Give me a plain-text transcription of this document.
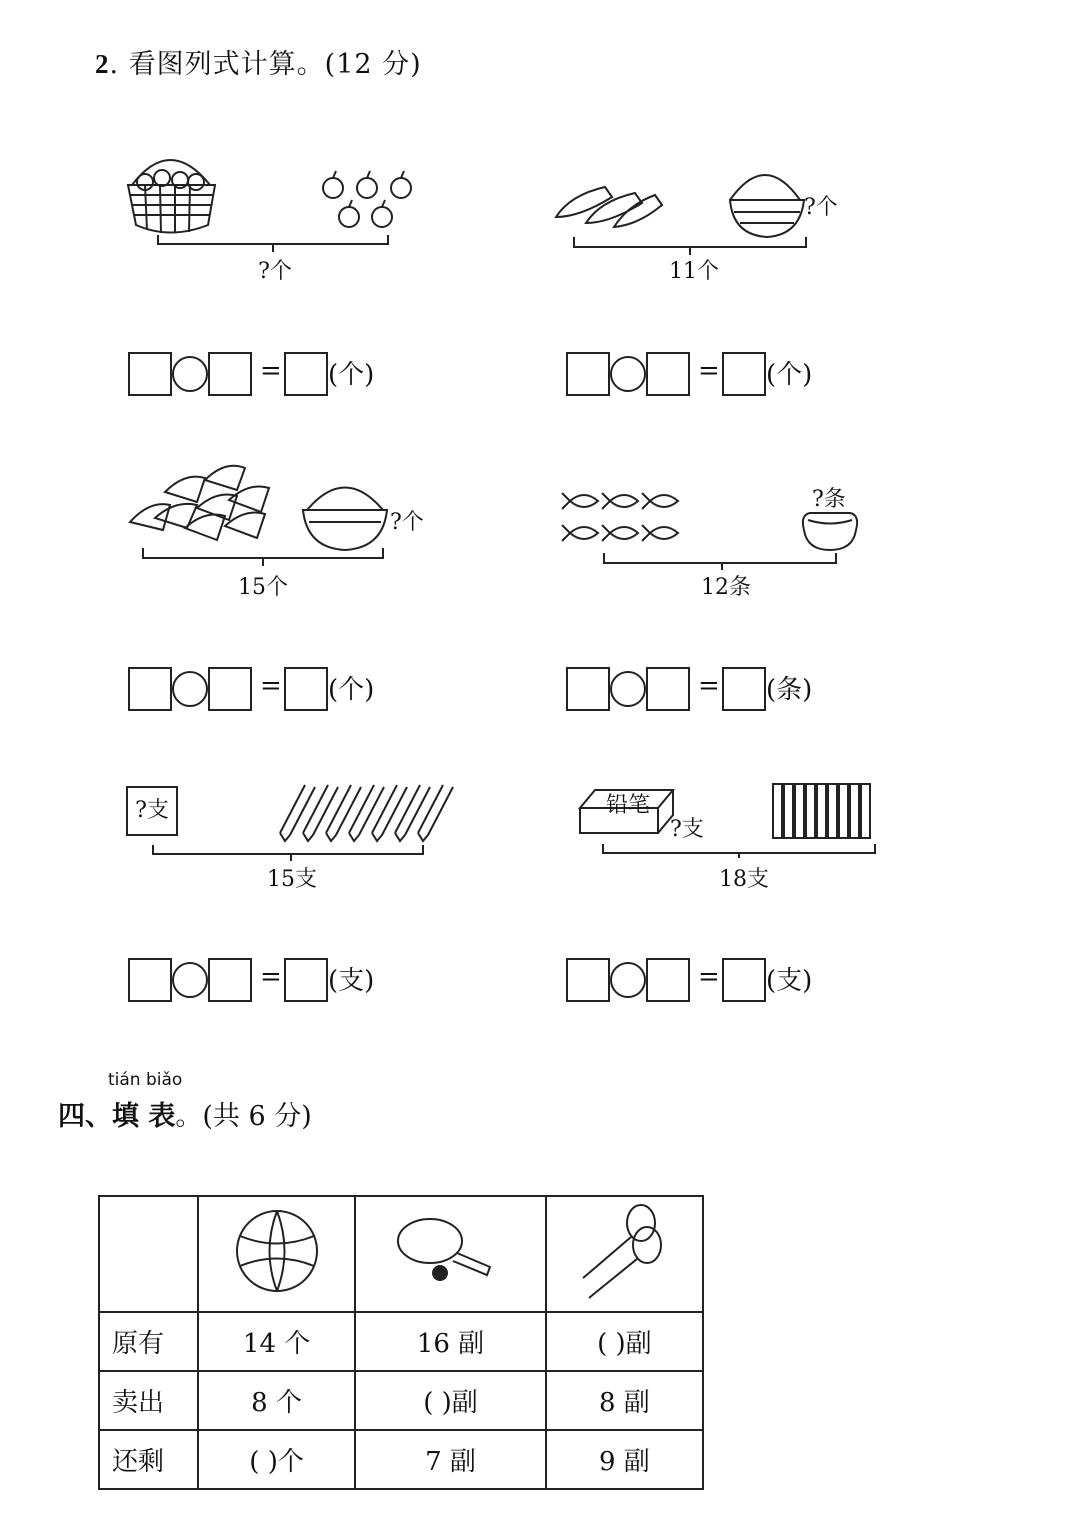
2. 看图列式计算。(12 分)
?个
?个
11个
= (个)	= (个)
?个
15个
?条
12条
= (个)	= (条)
?支
15支
铅笔
?支
18支
= (支)	= (支)
tián biǎo
四、填 表。(共 6 分)

原有	14 个	16 副	( )副
卖出	8 个	( )副	8 副
还剩	( )个	7 副	9 副
